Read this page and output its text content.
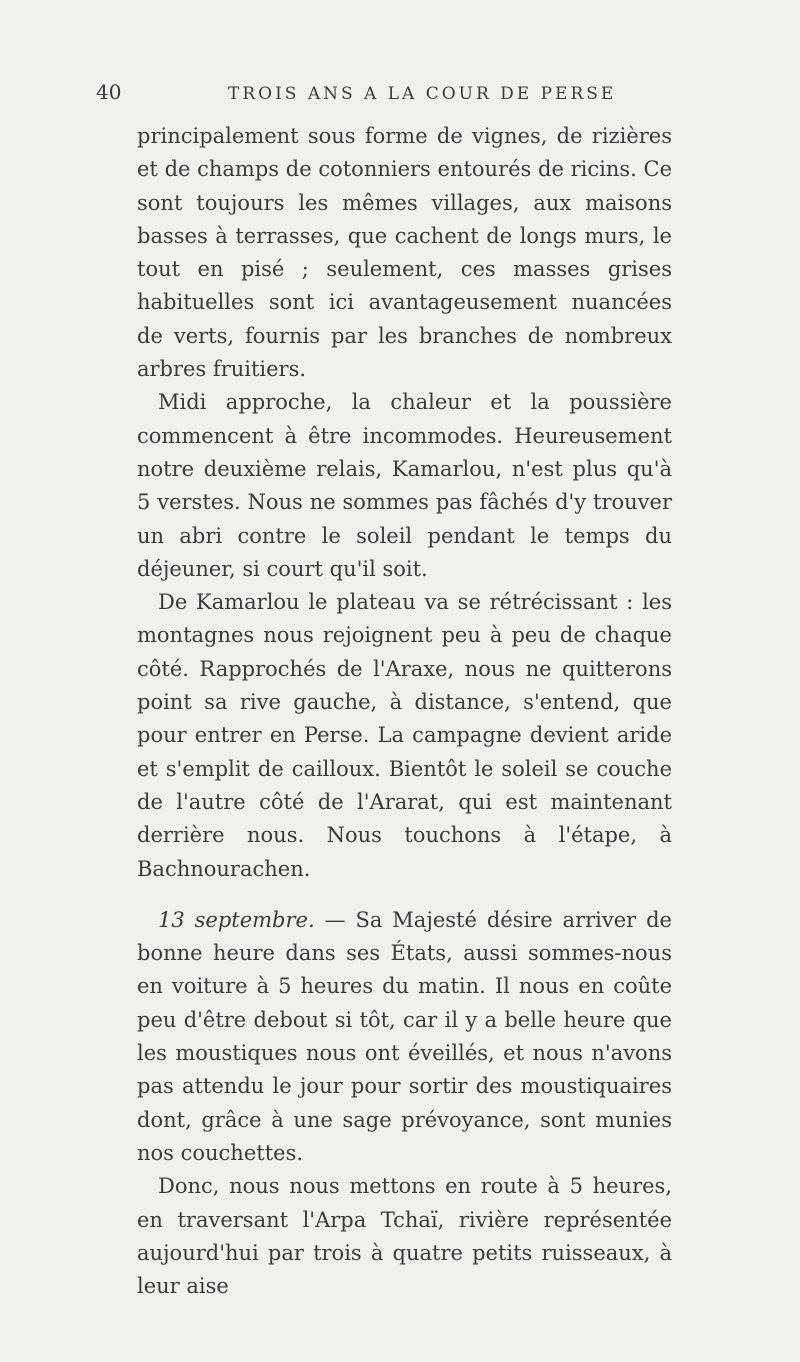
40	TROIS ANS A LA COUR DE PERSE

principalement sous forme de vignes, de rizières et de champs de cotonniers entourés de ricins. Ce sont toujours les mêmes villages, aux maisons basses à terrasses, que cachent de longs murs, le tout en pisé ; seulement, ces masses grises habituelles sont ici avantageusement nuancées de verts, fournis par les branches de nombreux arbres fruitiers.

Midi approche, la chaleur et la poussière commencent à être incommodes. Heureusement notre deuxième relais, Kamarlou, n'est plus qu'à 5 verstes. Nous ne sommes pas fâchés d'y trouver un abri contre le soleil pendant le temps du déjeuner, si court qu'il soit.

De Kamarlou le plateau va se rétrécissant : les montagnes nous rejoignent peu à peu de chaque côté. Rapprochés de l'Araxe, nous ne quitterons point sa rive gauche, à distance, s'entend, que pour entrer en Perse. La campagne devient aride et s'emplit de cailloux. Bientôt le soleil se couche de l'autre côté de l'Ararat, qui est maintenant derrière nous. Nous touchons à l'étape, à Bachnourachen.

13 septembre. — Sa Majesté désire arriver de bonne heure dans ses États, aussi sommes-nous en voiture à 5 heures du matin. Il nous en coûte peu d'être debout si tôt, car il y a belle heure que les moustiques nous ont éveillés, et nous n'avons pas attendu le jour pour sortir des moustiquaires dont, grâce à une sage prévoyance, sont munies nos couchettes.

Donc, nous nous mettons en route à 5 heures, en traversant l'Arpa Tchaï, rivière représentée aujourd'hui par trois à quatre petits ruisseaux, à leur aise
